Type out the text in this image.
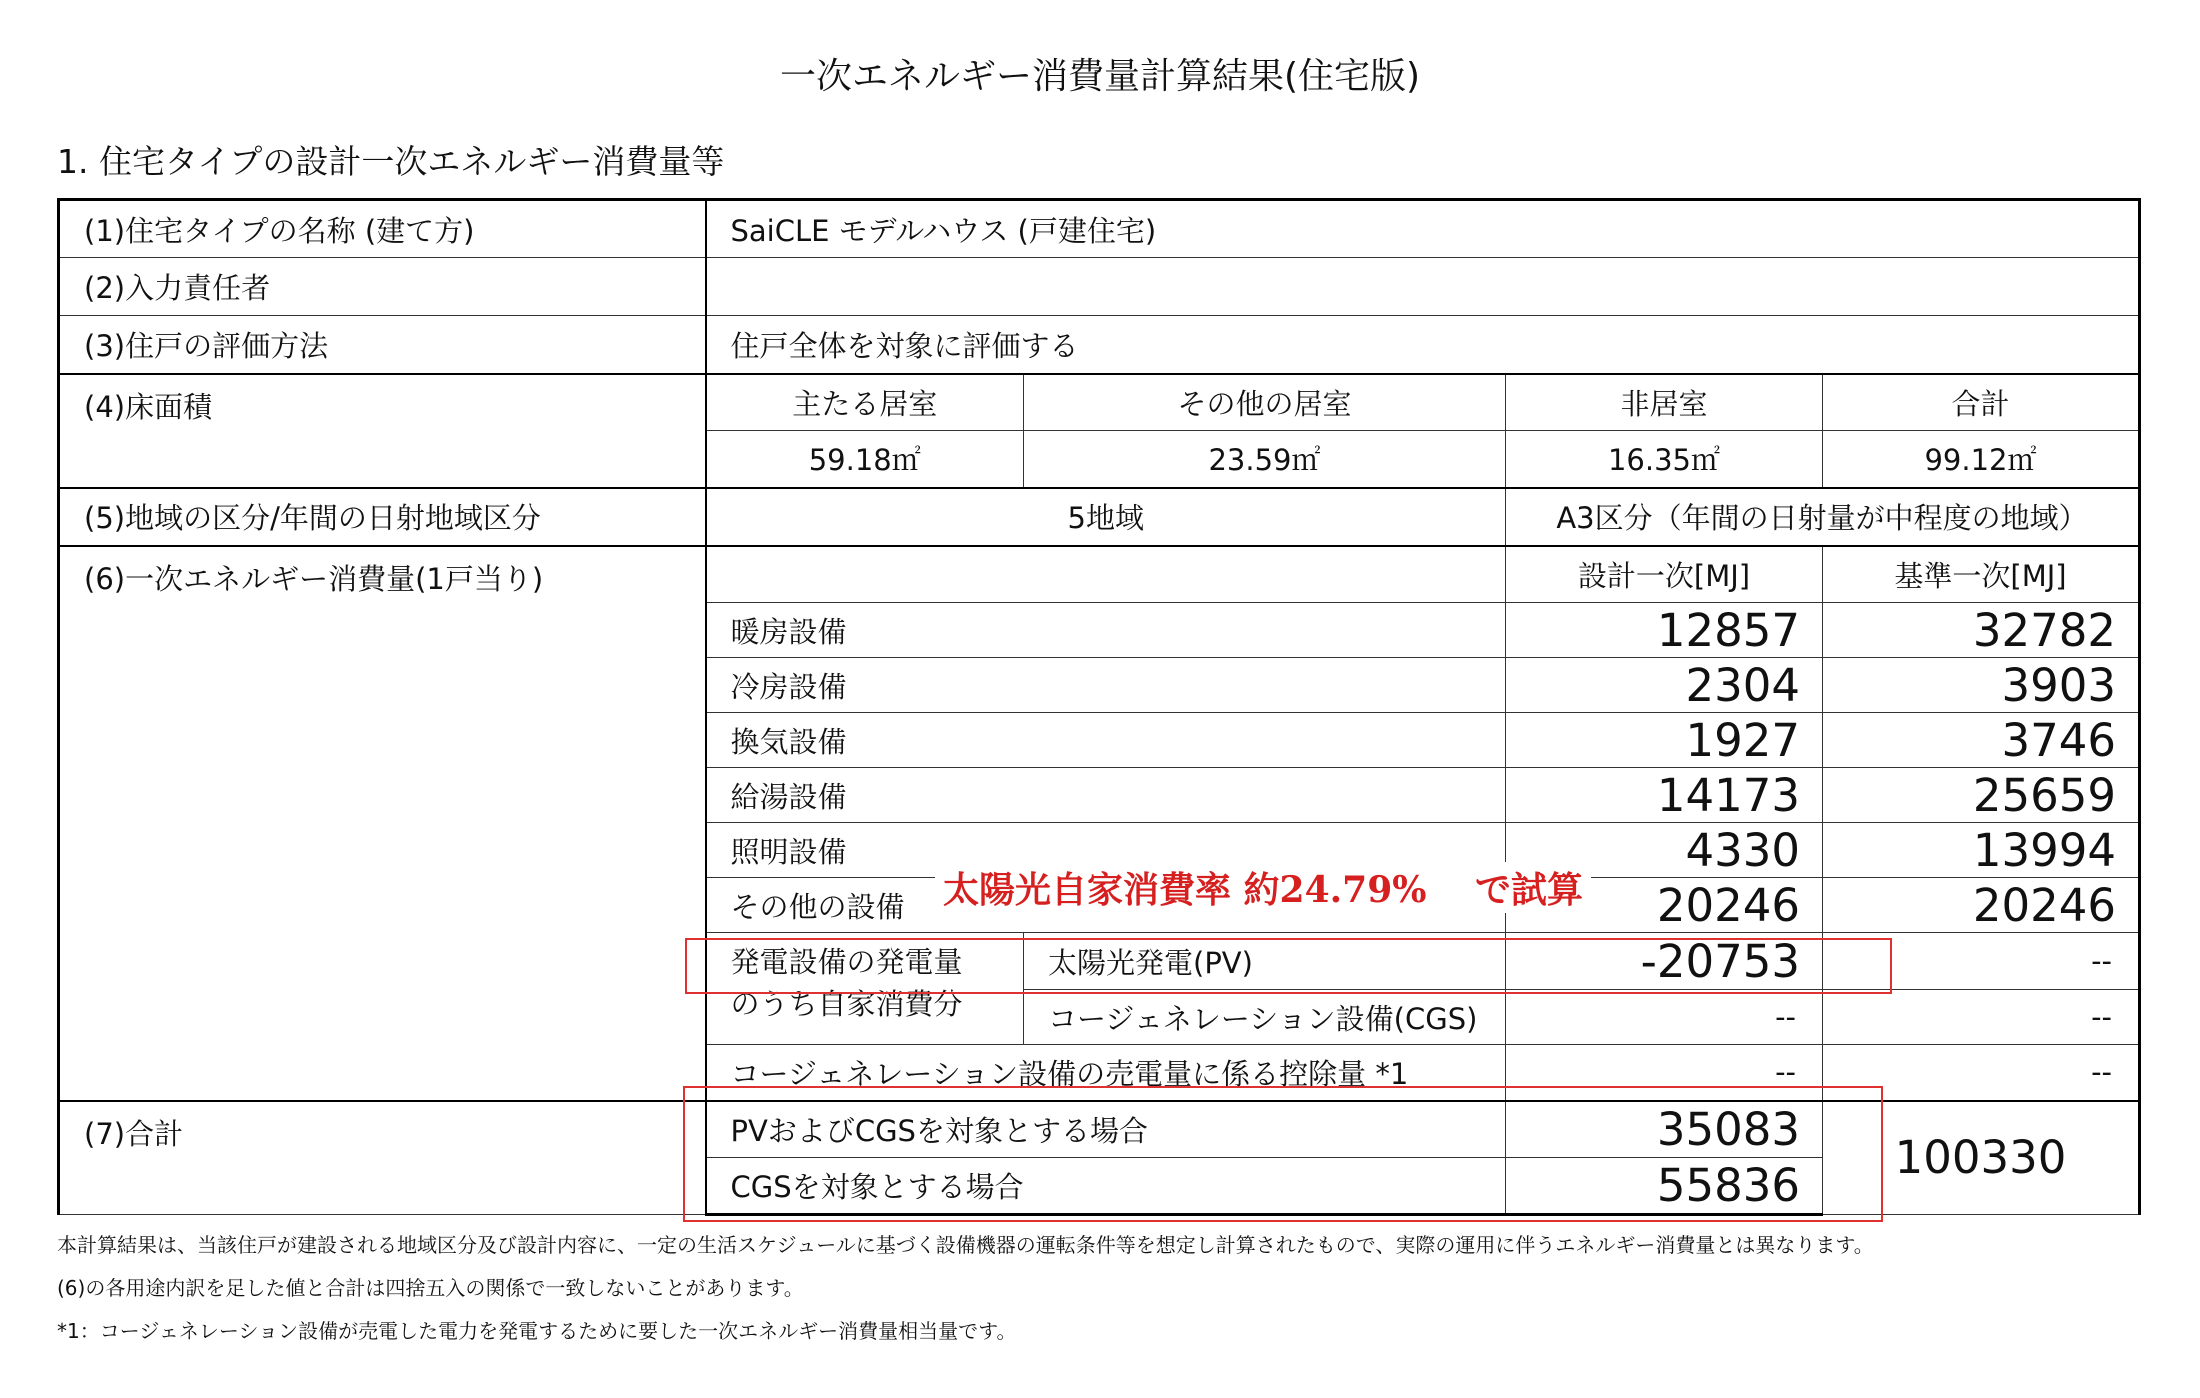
一次エネルギー消費量計算結果(住宅版)
1. 住宅タイプの設計一次エネルギー消費量等
(1)住宅タイプの名称 (建て方)	SaiCLE モデルハウス (戸建住宅)			
(2)入力責任者				
(3)住戸の評価方法	住戸全体を対象に評価する			
(4)床面積	主たる居室	その他の居室	非居室	合計
	59.18㎡	23.59㎡	16.35㎡	99.12㎡
(5)地域の区分/年間の日射地域区分	5地域		A3区分（年間の日射量が中程度の地域）	
(6)一次エネルギー消費量(1戸当り)			設計一次[MJ]	基準一次[MJ]
	暖房設備		12857	32782
	冷房設備		2304	3903
	換気設備		1927	3746
	給湯設備		14173	25659
	照明設備		4330	13994
	その他の設備		20246	20246

	発電設備の発電量
のうち自家消費分	太陽光発電(PV)	-20753	--
		コージェネレーション設備(CGS)	--	--
	コージェネレーション設備の売電量に係る控除量 *1		--	--
(7)合計	PVおよびCGSを対象とする場合		35083	100330
	CGSを対象とする場合		55836	
太陽光自家消費率 約24.79%　 で試算
本計算結果は、当該住戸が建設される地域区分及び設計内容に、一定の生活スケジュールに基づく設備機器の運転条件等を想定し計算されたもので、実際の運用に伴うエネルギー消費量とは異なります。
(6)の各用途内訳を足した値と合計は四捨五入の関係で一致しないことがあります。
*1：コージェネレーション設備が売電した電力を発電するために要した一次エネルギー消費量相当量です。
